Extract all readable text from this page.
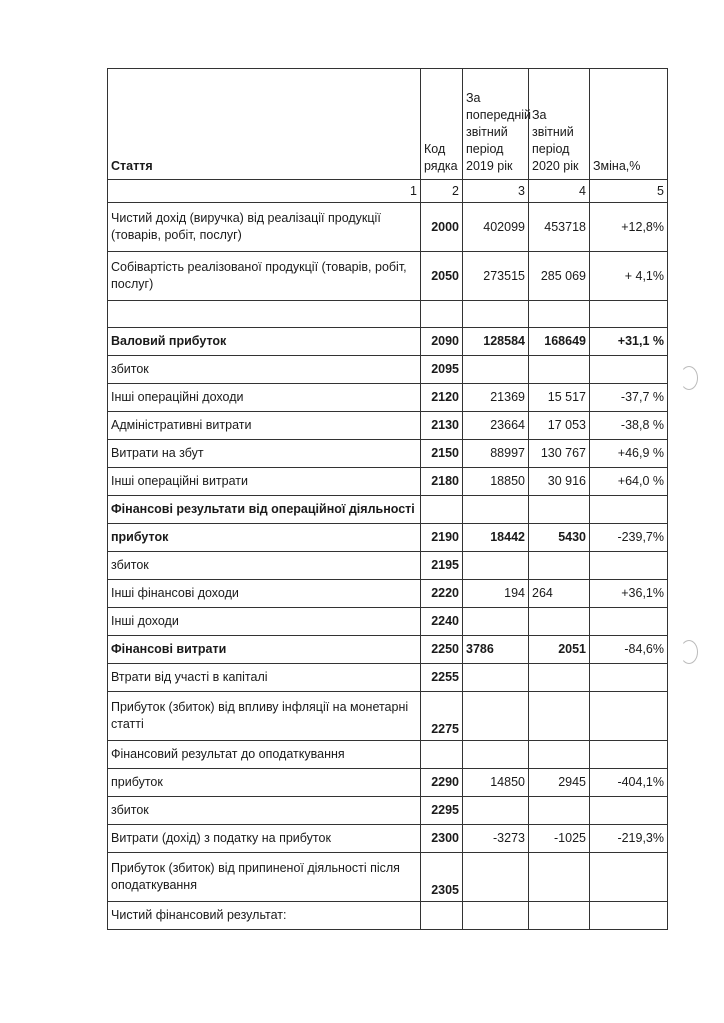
Стаття	Код рядка	За попередній звітний період 2019 рік	За звітний період 2020 рік	Зміна,%
1	2	3	4	5
Чистий дохід (виручка) від реалізації продукції (товарів, робіт, послуг)	2000	402099	453718	+12,8%
Собівартість реалізованої продукції (товарів, робіт, послуг)	2050	273515	285 069	+ 4,1%

Валовий прибуток	2090	128584	168649	+31,1 %
збиток	2095			
Інші операційні доходи	2120	21369	15 517	-37,7 %
Адміністративні витрати	2130	23664	17 053	-38,8 %
Витрати на збут	2150	88997	130 767	+46,9 %
Інші операційні витрати	2180	18850	30 916	+64,0 %
Фінансові результати від операційної діяльності				
прибуток	2190	18442	5430	-239,7%
збиток	2195			
Інші фінансові доходи	2220	194	264	+36,1%
Інші доходи	2240			
Фінансові витрати	2250	3786	2051	-84,6%
Втрати від участі в капіталі	2255			
Прибуток (збиток) від впливу інфляції на монетарні статті	2275			
Фінансовий результат до оподаткування				
прибуток	2290	14850	2945	-404,1%
збиток	2295			
Витрати (дохід) з податку на прибуток	2300	-3273	-1025	-219,3%
Прибуток (збиток) від припиненої діяльності після оподаткування	2305			
Чистий фінансовий результат:				
